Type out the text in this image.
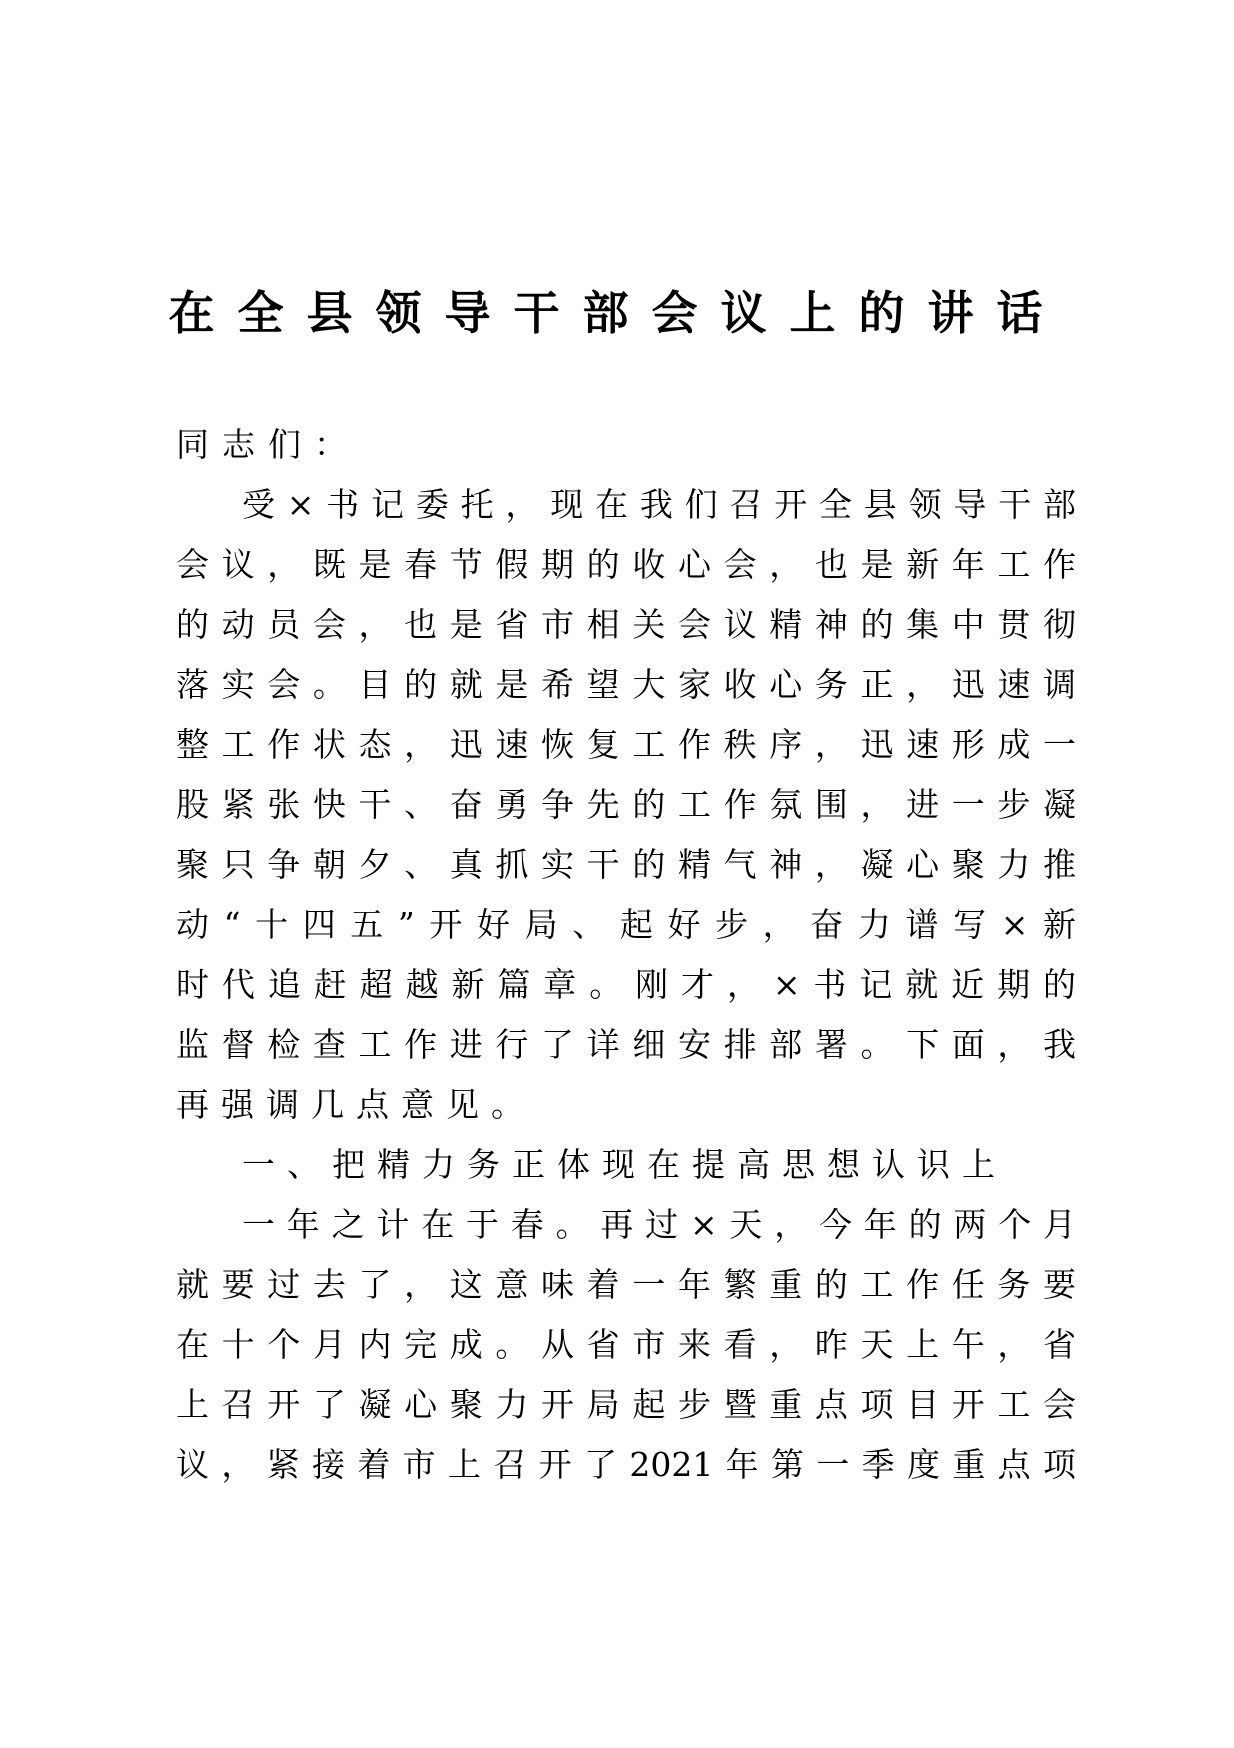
在全县领导干部会议上的讲话
同志们：
受×书记委托，现在我们召开全县领导干部
会议，既是春节假期的收心会，也是新年工作
的动员会，也是省市相关会议精神的集中贯彻
落实会。目的就是希望大家收心务正，迅速调
整工作状态，迅速恢复工作秩序，迅速形成一
股紧张快干、奋勇争先的工作氛围，进一步凝
聚只争朝夕、真抓实干的精气神，凝心聚力推
动“十四五”开好局、起好步，奋力谱写×新
时代追赶超越新篇章。刚才，×书记就近期的
监督检查工作进行了详细安排部署。下面，我
再强调几点意见。
一、把精力务正体现在提高思想认识上
一年之计在于春。再过×天，今年的两个月
就要过去了，这意味着一年繁重的工作任务要
在十个月内完成。从省市来看，昨天上午，省
上召开了凝心聚力开局起步暨重点项目开工会
议，紧接着市上召开了2021年第一季度重点项
